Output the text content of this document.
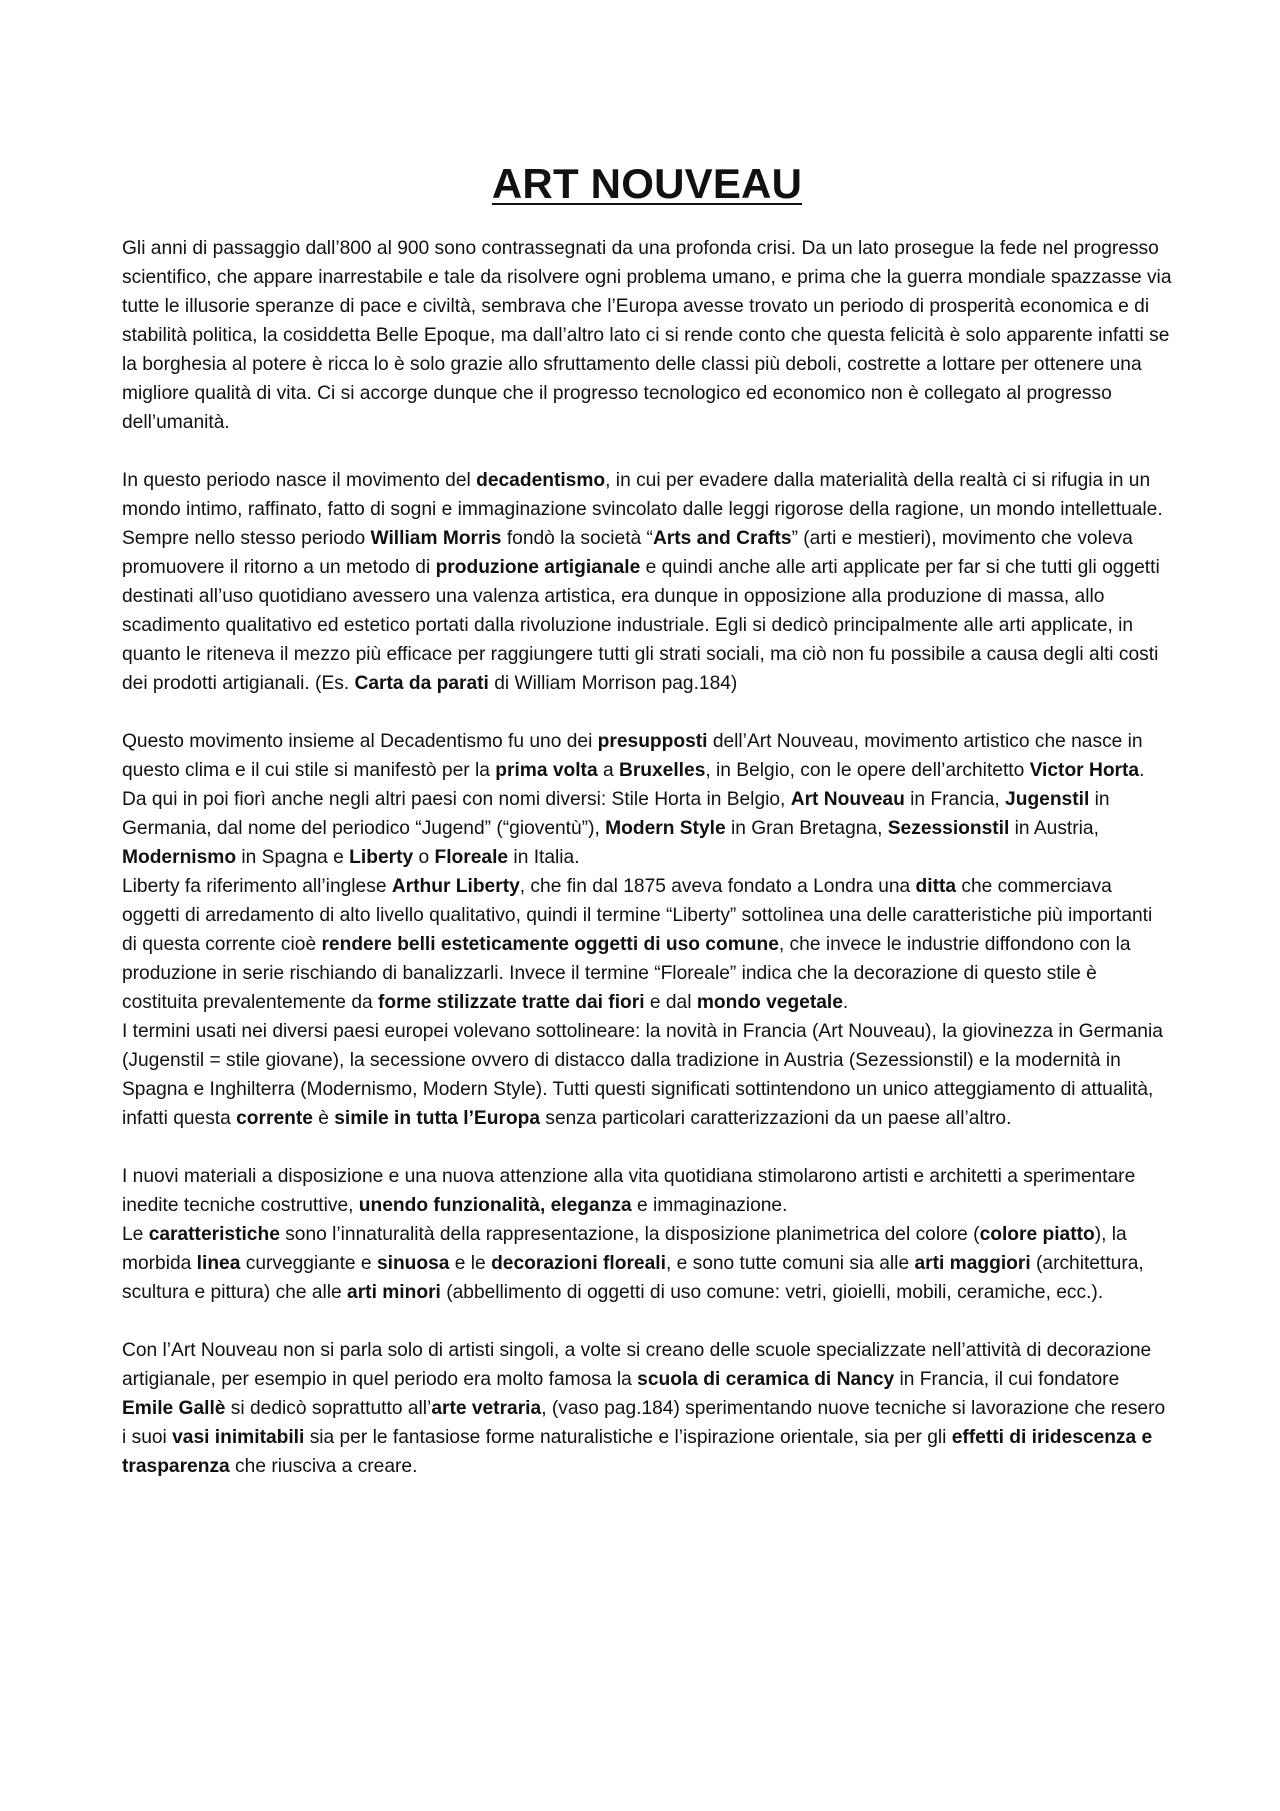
ART NOUVEAU

Gli anni di passaggio dall’800 al 900 sono contrassegnati da una profonda crisi. Da un lato prosegue la fede nel progresso scientifico, che appare inarrestabile e tale da risolvere ogni problema umano, e prima che la guerra mondiale spazzasse via tutte le illusorie speranze di pace e civiltà, sembrava che l’Europa avesse trovato un periodo di prosperità economica e di stabilità politica, la cosiddetta Belle Epoque, ma dall’altro lato ci si rende conto che questa felicità è solo apparente infatti se la borghesia al potere è ricca lo è solo grazie allo sfruttamento delle classi più deboli, costrette a lottare per ottenere una migliore qualità di vita. Ci si accorge dunque che il progresso tecnologico ed economico non è collegato al progresso dell’umanità.

In questo periodo nasce il movimento del decadentismo, in cui per evadere dalla materialità della realtà ci si rifugia in un mondo intimo, raffinato, fatto di sogni e immaginazione svincolato dalle leggi rigorose della ragione, un mondo intellettuale.

Sempre nello stesso periodo William Morris fondò la società “Arts and Crafts” (arti e mestieri), movimento che voleva promuovere il ritorno a un metodo di produzione artigianale e quindi anche alle arti applicate per far si che tutti gli oggetti destinati all’uso quotidiano avessero una valenza artistica, era dunque in opposizione alla produzione di massa, allo scadimento qualitativo ed estetico portati dalla rivoluzione industriale. Egli si dedicò principalmente alle arti applicate, in quanto le riteneva il mezzo più efficace per raggiungere tutti gli strati sociali, ma ciò non fu possibile a causa degli alti costi dei prodotti artigianali. (Es. Carta da parati di William Morrison pag.184)

Questo movimento insieme al Decadentismo fu uno dei presupposti dell’Art Nouveau, movimento artistico che nasce in questo clima e il cui stile si manifestò per la prima volta a Bruxelles, in Belgio, con le opere dell’architetto Victor Horta. Da qui in poi fiorì anche negli altri paesi con nomi diversi: Stile Horta in Belgio, Art Nouveau in Francia, Jugenstil in Germania, dal nome del periodico “Jugend” (“gioventù”), Modern Style in Gran Bretagna, Sezessionstil in Austria, Modernismo in Spagna e Liberty o Floreale in Italia.

Liberty fa riferimento all’inglese Arthur Liberty, che fin dal 1875 aveva fondato a Londra una ditta che commerciava oggetti di arredamento di alto livello qualitativo, quindi il termine “Liberty” sottolinea una delle caratteristiche più importanti di questa corrente cioè rendere belli esteticamente oggetti di uso comune, che invece le industrie diffondono con la produzione in serie rischiando di banalizzarli. Invece il termine “Floreale” indica che la decorazione di questo stile è costituita prevalentemente da forme stilizzate tratte dai fiori e dal mondo vegetale.

I termini usati nei diversi paesi europei volevano sottolineare: la novità in Francia (Art Nouveau), la giovinezza in Germania (Jugenstil = stile giovane), la secessione ovvero di distacco dalla tradizione in Austria (Sezessionstil) e la modernità in Spagna e Inghilterra (Modernismo, Modern Style). Tutti questi significati sottintendono un unico atteggiamento di attualità, infatti questa corrente è simile in tutta l’Europa senza particolari caratterizzazioni da un paese all’altro.

I nuovi materiali a disposizione e una nuova attenzione alla vita quotidiana stimolarono artisti e architetti a sperimentare inedite tecniche costruttive, unendo funzionalità, eleganza e immaginazione.

Le caratteristiche sono l’innaturalità della rappresentazione, la disposizione planimetrica del colore (colore piatto), la morbida linea curveggiante e sinuosa e le decorazioni floreali, e sono tutte comuni sia alle arti maggiori (architettura, scultura e pittura) che alle arti minori (abbellimento di oggetti di uso comune: vetri, gioielli, mobili, ceramiche, ecc.).

Con l’Art Nouveau non si parla solo di artisti singoli, a volte si creano delle scuole specializzate nell’attività di decorazione artigianale, per esempio in quel periodo era molto famosa la scuola di ceramica di Nancy in Francia, il cui fondatore Emile Gallè si dedicò soprattutto all’arte vetraria, (vaso pag.184) sperimentando nuove tecniche si lavorazione che resero i suoi vasi inimitabili sia per le fantasiose forme naturalistiche e l’ispirazione orientale, sia per gli effetti di iridescenza e trasparenza che riusciva a creare.
